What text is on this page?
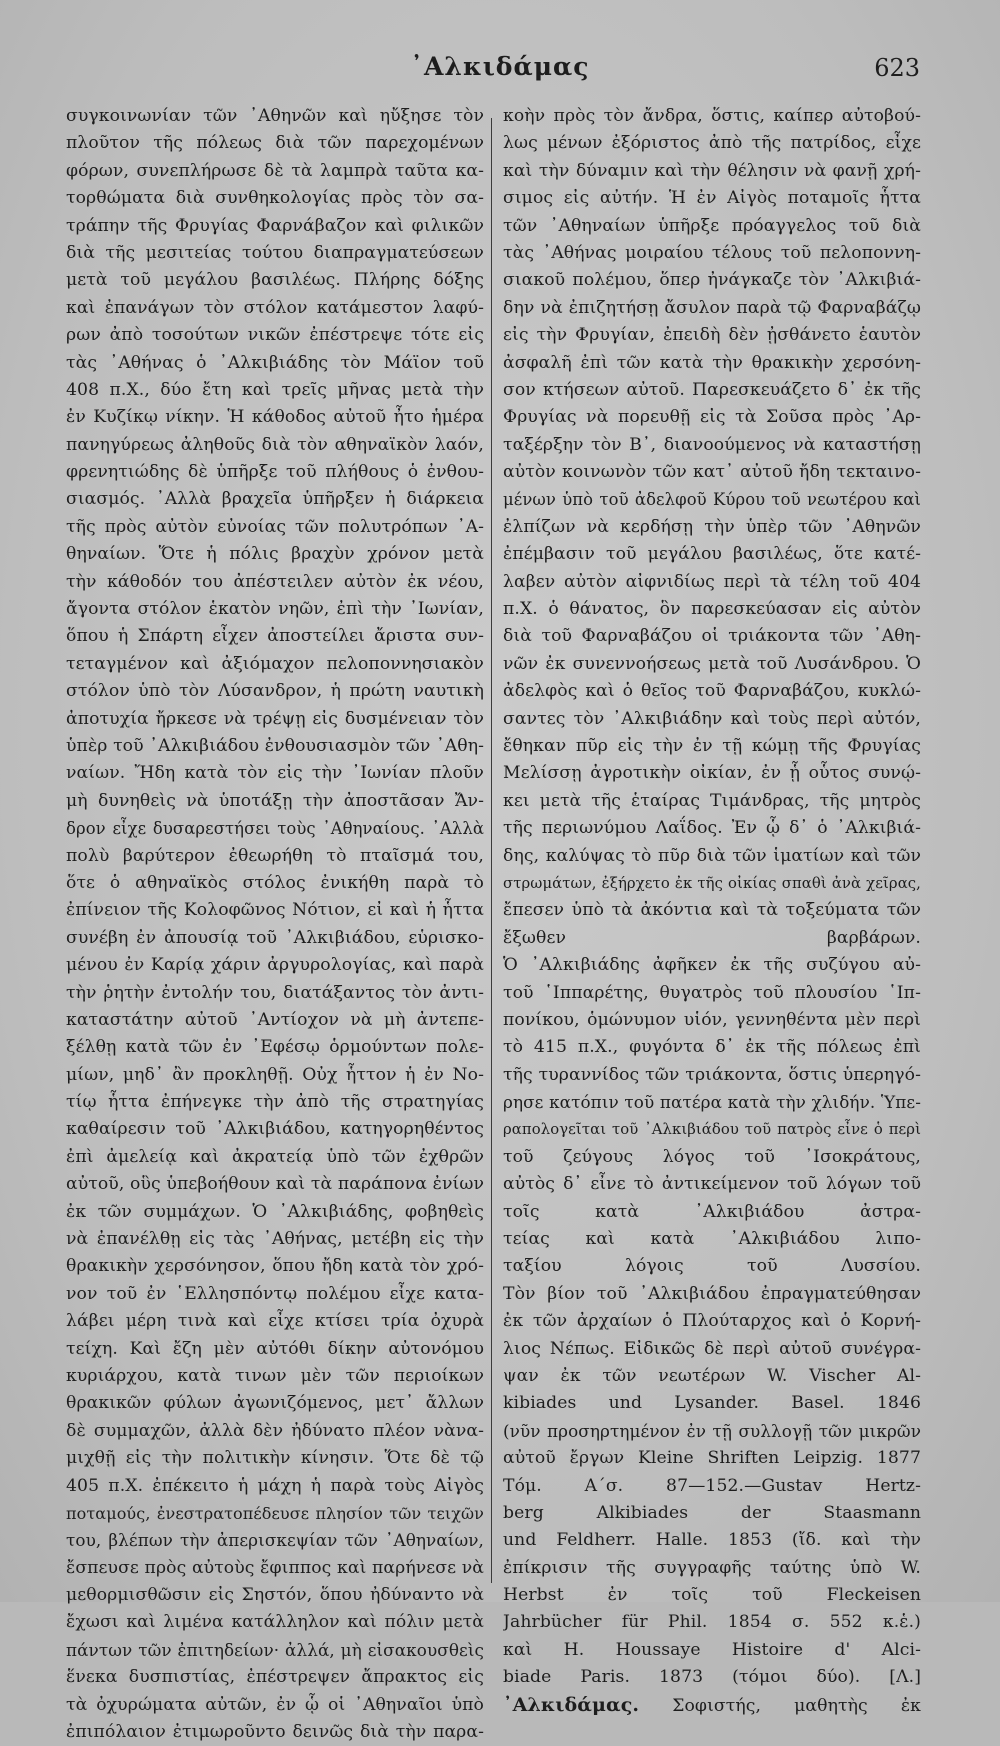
᾿Αλκιδάμας	623
συγκοινωνίαν τῶν ᾿Αθηνῶν καὶ ηὔξησε τὸν
πλοῦτον τῆς πόλεως διὰ τῶν παρεχομένων
φόρων, συνεπλήρωσε δὲ τὰ λαμπρὰ ταῦτα κα-
τορθώματα διὰ συνθηκολογίας πρὸς τὸν σα-
τράπην τῆς Φρυγίας Φαρνάβαζον καὶ φιλικῶν
διὰ τῆς μεσιτείας τούτου διαπραγματεύσεων
μετὰ τοῦ μεγάλου βασιλέως. Πλήρης δόξης
καὶ ἐπανάγων τὸν στόλον κατάμεστον λαφύ-
ρων ἀπὸ τοσούτων νικῶν ἐπέστρεψε τότε εἰς
τὰς ᾿Αθήνας ὁ ᾿Αλκιβιάδης τὸν Μάϊον τοῦ
408 π.Χ., δύο ἔτη καὶ τρεῖς μῆνας μετὰ τὴν
ἐν Κυζίκῳ νίκην. Ἡ κάθοδος αὐτοῦ ἦτο ἡμέρα
πανηγύρεως ἀληθοῦς διὰ τὸν αθηναϊκὸν λαόν,
φρενητιώδης δὲ ὑπῆρξε τοῦ πλήθους ὁ ἐνθου-
σιασμός. ᾿Αλλὰ βραχεῖα ὑπῆρξεν ἡ διάρκεια
τῆς πρὸς αὐτὸν εὐνοίας τῶν πολυτρόπων ᾿Α-
θηναίων. Ὅτε ἡ πόλις βραχὺν χρόνον μετὰ
τὴν κάθοδόν του ἀπέστειλεν αὐτὸν ἐκ νέου,
ἄγοντα στόλον ἑκατὸν νηῶν, ἐπὶ τὴν ᾿Ιωνίαν,
ὅπου ἡ Σπάρτη εἶχεν ἀποστείλει ἄριστα συν-
τεταγμένον καὶ ἀξιόμαχον πελοποννησιακὸν
στόλον ὑπὸ τὸν Λύσανδρον, ἡ πρώτη ναυτικὴ
ἀποτυχία ἤρκεσε νὰ τρέψῃ εἰς δυσμένειαν τὸν
ὑπὲρ τοῦ ᾿Αλκιβιάδου ἐνθουσιασμὸν τῶν ᾿Αθη-
ναίων. Ἤδη κατὰ τὸν εἰς τὴν ᾿Ιωνίαν πλοῦν
μὴ δυνηθεὶς νὰ ὑποτάξῃ τὴν ἀποστᾶσαν Ἄν-
δρον εἶχε δυσαρεστήσει τοὺς ᾿Αθηναίους. ᾿Αλλὰ
πολὺ βαρύτερον ἐθεωρήθη τὸ πταῖσμά του,
ὅτε ὁ αθηναϊκὸς στόλος ἐνικήθη παρὰ τὸ
ἐπίνειον τῆς Κολοφῶνος Νότιον, εἰ καὶ ἡ ἧττα
συνέβη ἐν ἀπουσίᾳ τοῦ ᾿Αλκιβιάδου, εὑρισκο-
μένου ἐν Καρίᾳ χάριν ἀργυρολογίας, καὶ παρὰ
τὴν ῥητὴν ἐντολήν του, διατάξαντος τὸν ἀντι-
καταστάτην αὐτοῦ ᾿Αντίοχον νὰ μὴ ἀντεπε-
ξέλθῃ κατὰ τῶν ἐν ᾿Εφέσῳ ὁρμούντων πολε-
μίων, μηδ᾿ ἂν προκληθῇ. Οὐχ ἧττον ἡ ἐν Νο-
τίῳ ἧττα ἐπήνεγκε τὴν ἀπὸ τῆς στρατηγίας
καθαίρεσιν τοῦ ᾿Αλκιβιάδου, κατηγορηθέντος
ἐπὶ ἀμελείᾳ καὶ ἀκρατείᾳ ὑπὸ τῶν ἐχθρῶν
αὐτοῦ, οὓς ὑπεβοήθουν καὶ τὰ παράπονα ἐνίων
ἐκ τῶν συμμάχων. Ὁ ᾿Αλκιβιάδης, φοβηθεὶς
νὰ ἐπανέλθῃ εἰς τὰς ᾿Αθήνας, μετέβη εἰς τὴν
θρακικὴν χερσόνησον, ὅπου ἤδη κατὰ τὸν χρό-
νον τοῦ ἐν ῾Ελλησπόντῳ πολέμου εἶχε κατα-
λάβει μέρη τινὰ καὶ εἶχε κτίσει τρία ὀχυρὰ
τείχη. Καὶ ἔζη μὲν αὐτόθι δίκην αὐτονόμου
κυριάρχου, κατὰ τινων μὲν τῶν περιοίκων
θρακικῶν φύλων ἀγωνιζόμενος, μετ᾿ ἄλλων
δὲ συμμαχῶν, ἀλλὰ δὲν ἠδύνατο πλέον νὰνα-
μιχθῇ εἰς τὴν πολιτικὴν κίνησιν. Ὅτε δὲ τῷ
405 π.Χ. ἐπέκειτο ἡ μάχη ἡ παρὰ τοὺς Αἰγὸς
ποταμούς, ἐνεστρατοπέδευσε πλησίον τῶν τειχῶν
του, βλέπων τὴν ἀπερισκεψίαν τῶν ᾿Αθηναίων,
ἔσπευσε πρὸς αὐτοὺς ἔφιππος καὶ παρήνεσε νὰ
μεθορμισθῶσιν εἰς Σηστόν, ὅπου ἠδύναντο νὰ
ἔχωσι καὶ λιμένα κατάλληλον καὶ πόλιν μετὰ
πάντων τῶν ἐπιτηδείων· ἀλλά, μὴ εἰσακουσθεὶς
ἕνεκα δυσπιστίας, ἐπέστρεψεν ἄπρακτος εἰς
τὰ ὀχυρώματα αὐτῶν, ἐν ᾧ οἱ ᾿Αθηναῖοι ὑπὸ
ἐπιπόλαιον ἐτιμωροῦντο δεινῶς διὰ τὴν παρα-
κοὴν πρὸς τὸν ἄνδρα, ὅστις, καίπερ αὐτοβού-
λως μένων ἐξόριστος ἀπὸ τῆς πατρίδος, εἶχε
καὶ τὴν δύναμιν καὶ τὴν θέλησιν νὰ φανῇ χρή-
σιμος εἰς αὐτήν. Ἡ ἐν Αἰγὸς ποταμοῖς ἧττα
τῶν ᾿Αθηναίων ὑπῆρξε πρόαγγελος τοῦ διὰ
τὰς ᾿Αθήνας μοιραίου τέλους τοῦ πελοποννη-
σιακοῦ πολέμου, ὅπερ ἠνάγκαζε τὸν ᾿Αλκιβιά-
δην νὰ ἐπιζητήσῃ ἄσυλον παρὰ τῷ Φαρναβάζῳ
εἰς τὴν Φρυγίαν, ἐπειδὴ δὲν ᾐσθάνετο ἑαυτὸν
ἀσφαλῆ ἐπὶ τῶν κατὰ τὴν θρακικὴν χερσόνη-
σον κτήσεων αὐτοῦ. Παρεσκευάζετο δ᾿ ἐκ τῆς
Φρυγίας νὰ πορευθῇ εἰς τὰ Σοῦσα πρὸς ᾿Αρ-
ταξέρξην τὸν Β᾿, διανοούμενος νὰ καταστήσῃ
αὐτὸν κοινωνὸν τῶν κατ᾿ αὐτοῦ ἤδη τεκταινο-
μένων ὑπὸ τοῦ ἀδελφοῦ Κύρου τοῦ νεωτέρου καὶ
ἐλπίζων νὰ κερδήσῃ τὴν ὑπὲρ τῶν ᾿Αθηνῶν
ἐπέμβασιν τοῦ μεγάλου βασιλέως, ὅτε κατέ-
λαβεν αὐτὸν αἰφνιδίως περὶ τὰ τέλη τοῦ 404
π.Χ. ὁ θάνατος, ὃν παρεσκεύασαν εἰς αὐτὸν
διὰ τοῦ Φαρναβάζου οἱ τριάκοντα τῶν ᾿Αθη-
νῶν ἐκ συνεννοήσεως μετὰ τοῦ Λυσάνδρου. Ὁ
ἀδελφὸς καὶ ὁ θεῖος τοῦ Φαρναβάζου, κυκλώ-
σαντες τὸν ᾿Αλκιβιάδην καὶ τοὺς περὶ αὐτόν,
ἔθηκαν πῦρ εἰς τὴν ἐν τῇ κώμῃ τῆς Φρυγίας
Μελίσσῃ ἀγροτικὴν οἰκίαν, ἐν ᾗ οὗτος συνῴ-
κει μετὰ τῆς ἑταίρας Τιμάνδρας, τῆς μητρὸς
τῆς περιωνύμου Λαΐδος. Ἐν ᾧ δ᾿ ὁ ᾿Αλκιβιά-
δης, καλύψας τὸ πῦρ διὰ τῶν ἱματίων καὶ τῶν
στρωμάτων, ἐξήρχετο ἐκ τῆς οἰκίας σπαθὶ ἀνὰ χεῖρας,
ἔπεσεν ὑπὸ τὰ ἀκόντια καὶ τὰ τοξεύματα τῶν
ἔξωθεν βαρβάρων.
Ὁ ᾿Αλκιβιάδης ἀφῆκεν ἐκ τῆς συζύγου αὐ-
τοῦ ῾Ιππαρέτης, θυγατρὸς τοῦ πλουσίου ῾Ιπ-
πονίκου, ὁμώνυμον υἱόν, γεννηθέντα μὲν περὶ
τὸ 415 π.Χ., φυγόντα δ᾿ ἐκ τῆς πόλεως ἐπὶ
τῆς τυραννίδος τῶν τριάκοντα, ὅστις ὑπερηγό-
ρησε κατόπιν τοῦ πατέρα κατὰ τὴν χλιδήν. Ὑπε-
ραπολογεῖται τοῦ ᾿Αλκιβιάδου τοῦ πατρὸς εἶνε ὁ περὶ
τοῦ ζεύγους λόγος τοῦ ᾿Ισοκράτους,
αὐτὸς δ᾿ εἶνε τὸ ἀντικείμενον τοῦ λόγων τοῦ
τοῖς κατὰ ᾿Αλκιβιάδου ἀστρα-
τείας καὶ κατὰ ᾿Αλκιβιάδου λιπο-
ταξίου λόγοις τοῦ Λυσσίου.
Τὸν βίον τοῦ ᾿Αλκιβιάδου ἐπραγματεύθησαν
ἐκ τῶν ἀρχαίων ὁ Πλούταρχος καὶ ὁ Κορνή-
λιος Νέπως. Εἰδικῶς δὲ περὶ αὐτοῦ συνέγρα-
ψαν ἐκ τῶν νεωτέρων W. Vischer Al-
kibiades und Lysander. Basel. 1846
(νῦν προσηρτημένον ἐν τῇ συλλογῇ τῶν μικρῶν
αὐτοῦ ἔργων Kleine Shriften Leipzig. 1877
Τόμ. Α΄σ. 87—152.—Gustav Hertz-
berg Alkibiades der Staasmann
und Feldherr. Halle. 1853 (ἴδ. καὶ τὴν
ἐπίκρισιν τῆς συγγραφῆς ταύτης ὑπὸ W.
Herbst ἐν τοῖς τοῦ Fleckeisen
Jahrbücher für Phil. 1854 σ. 552 κ.ἑ.)
καὶ H. Houssaye Histoire d' Alci-
biade Paris. 1873 (τόμοι δύο). [Λ.]
᾿Αλκιδάμας. Σοφιστής, μαθητὴς ἐκ
